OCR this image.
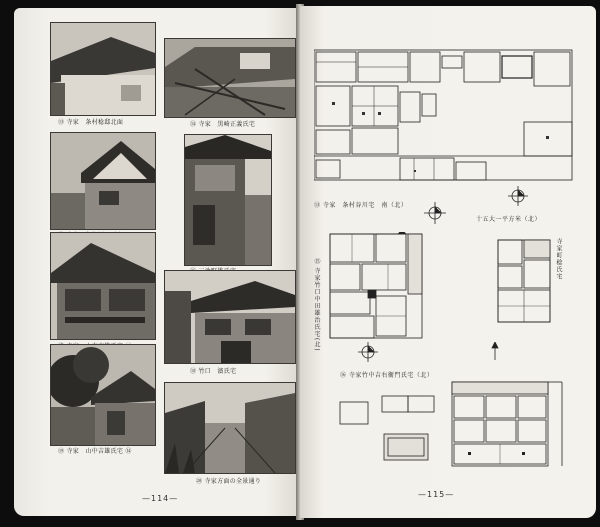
⑬ 寺家　条村稔邸北面	⑭ 寺家　黒崎正義氏宅
⑱ 竹口　濱氏宅
⑲ 寺家　山中吉雄氏宅 ⑭
⑳ 寺家方面の全景通り
—114—
⑬ 寺家　条村谷川宅　南（北）
十五大一平方米（北）
⑮ 寺家竹口中田雄治氏宅(北)	寺家町稔氏宅
⑯ 寺家竹中吉右衛門氏宅（北）
—115—
